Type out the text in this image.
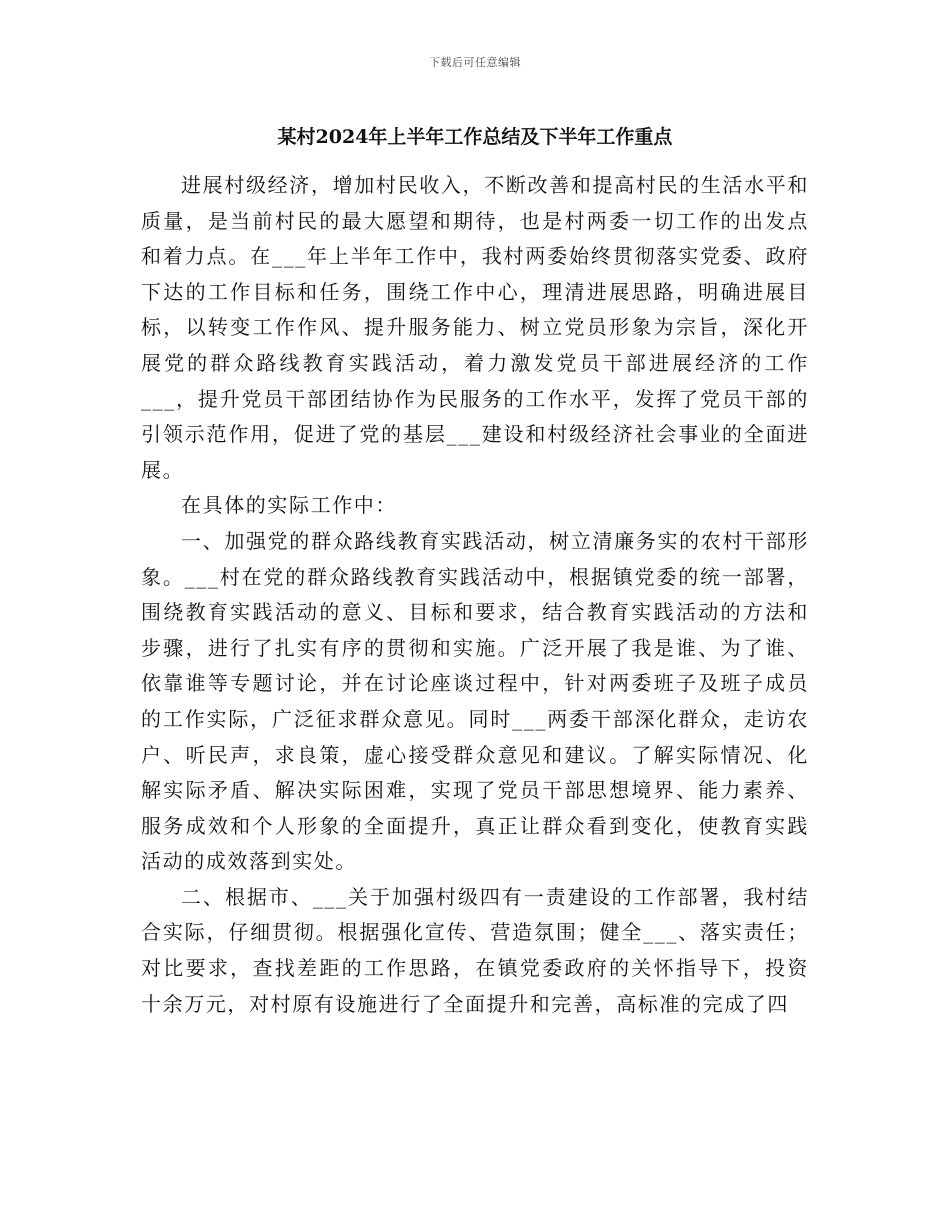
下载后可任意编辑
某村2024年上半年工作总结及下半年工作重点

进展村级经济，增加村民收入，不断改善和提高村民的生活水平和质量，是当前村民的最大愿望和期待，也是村两委一切工作的出发点和着力点。在___年上半年工作中，我村两委始终贯彻落实党委、政府下达的工作目标和任务，围绕工作中心，理清进展思路，明确进展目标，以转变工作作风、提升服务能力、树立党员形象为宗旨，深化开展党的群众路线教育实践活动，着力激发党员干部进展经济的工作___，提升党员干部团结协作为民服务的工作水平，发挥了党员干部的引领示范作用，促进了党的基层___建设和村级经济社会事业的全面进展。

在具体的实际工作中：

一、加强党的群众路线教育实践活动，树立清廉务实的农村干部形象。___村在党的群众路线教育实践活动中，根据镇党委的统一部署，围绕教育实践活动的意义、目标和要求，结合教育实践活动的方法和步骤，进行了扎实有序的贯彻和实施。广泛开展了我是谁、为了谁、依靠谁等专题讨论，并在讨论座谈过程中，针对两委班子及班子成员的工作实际，广泛征求群众意见。同时___两委干部深化群众，走访农户、听民声，求良策，虚心接受群众意见和建议。了解实际情况、化解实际矛盾、解决实际困难，实现了党员干部思想境界、能力素养、服务成效和个人形象的全面提升，真正让群众看到变化，使教育实践活动的成效落到实处。

二、根据市、___关于加强村级四有一责建设的工作部署，我村结合实际，仔细贯彻。根据强化宣传、营造氛围；健全___、落实责任；对比要求，查找差距的工作思路，在镇党委政府的关怀指导下，投资十余万元，对村原有设施进行了全面提升和完善，高标准的完成了四
